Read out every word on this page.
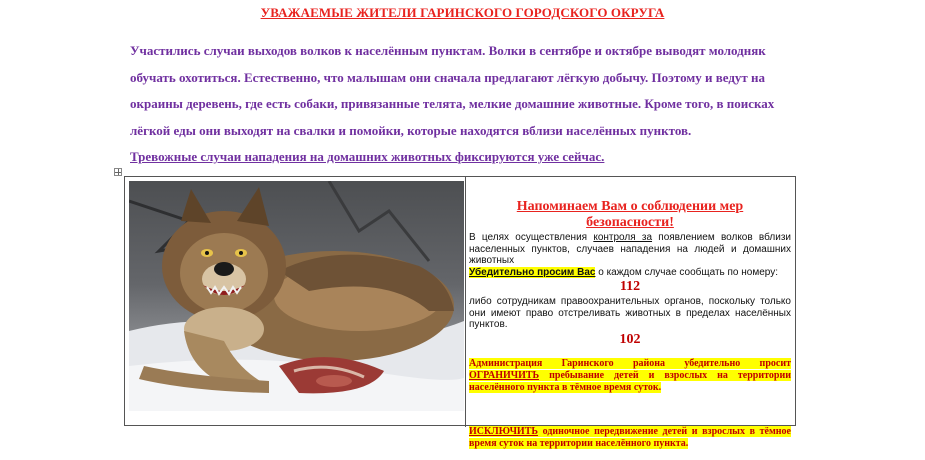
УВАЖАЕМЫЕ ЖИТЕЛИ ГАРИНСКОГО ГОРОДСКОГО ОКРУГА

Участились случаи выходов волков к населённым пунктам. Волки в сентябре и октябре выводят молодняк

обучать охотиться. Естественно, что малышам они сначала предлагают лёгкую добычу. Поэтому и ведут на

окраины деревень, где есть собаки, привязанные телята, мелкие домашние животные. Кроме того, в поисках

лёгкой еды они выходят на свалки и помойки, которые находятся вблизи населённых пунктов.

Тревожные случаи нападения на домашних животных фиксируются уже сейчас.

Напоминаем Вам о соблюдении мер
безопасности!

В целях осуществления контроля за появлением волков вблизи населенных пунктов, случаев нападения на людей и домашних животных
Убедительно просим Вас о каждом случае сообщать по номеру:

112

либо сотрудникам правоохранительных органов, поскольку только они имеют право отстреливать животных в пределах населённых пунктов.

102

Администрация Гаринского района убедительно просит ОГРАНИЧИТЬ пребывание детей и взрослых на территории населённого пункта в тёмное время суток.

ИСКЛЮЧИТЬ одиночное передвижение детей и взрослых в тёмное время суток на территории населённого пункта.
